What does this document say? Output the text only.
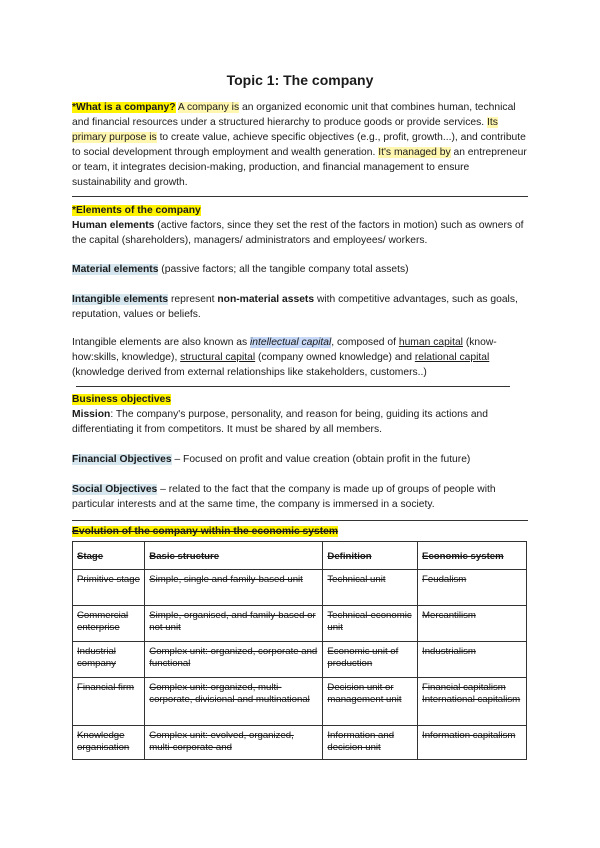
Topic 1: The company
*What is a company? A company is an organized economic unit that combines human, technical and financial resources under a structured hierarchy to produce goods or provide services. Its primary purpose is to create value, achieve specific objectives (e.g., profit, growth...), and contribute to social development through employment and wealth generation. It's managed by an entrepreneur or team, it integrates decision-making, production, and financial management to ensure sustainability and growth.
*Elements of the company
Human elements (active factors, since they set the rest of the factors in motion) such as owners of the capital (shareholders), managers/ administrators and employees/ workers.
Material elements (passive factors; all the tangible company total assets)
Intangible elements represent non-material assets with competitive advantages, such as goals, reputation, values or beliefs.
Intangible elements are also known as intellectual capital, composed of human capital (know-how:skills, knowledge), structural capital (company owned knowledge) and relational capital (knowledge derived from external relationships like stakeholders, customers..)
Business objectives
Mission: The company's purpose, personality, and reason for being, guiding its actions and differentiating it from competitors. It must be shared by all members.
Financial Objectives – Focused on profit and value creation (obtain profit in the future)
Social Objectives – related to the fact that the company is made up of groups of people with particular interests and at the same time, the company is immersed in a society.
Evolution of the company within the economic system
Stage	Basic structure	Definition	Economic system
Primitive stage	Simple, single and family-based unit	Technical unit	Feudalism
Commercial enterprise	Simple, organised, and family-based or not unit	Technical-economic unit	Mercantilism
Industrial company	Complex unit: organized, corporate and functional	Economic unit of production	Industrialism
Financial firm	Complex unit: organized, multi-corporate, divisional and multinational	Decision unit or management unit	Financial capitalism International capitalism
Knowledge organisation	Complex unit: evolved, organized, multi-corporate and	Information and decision unit	Information capitalism
